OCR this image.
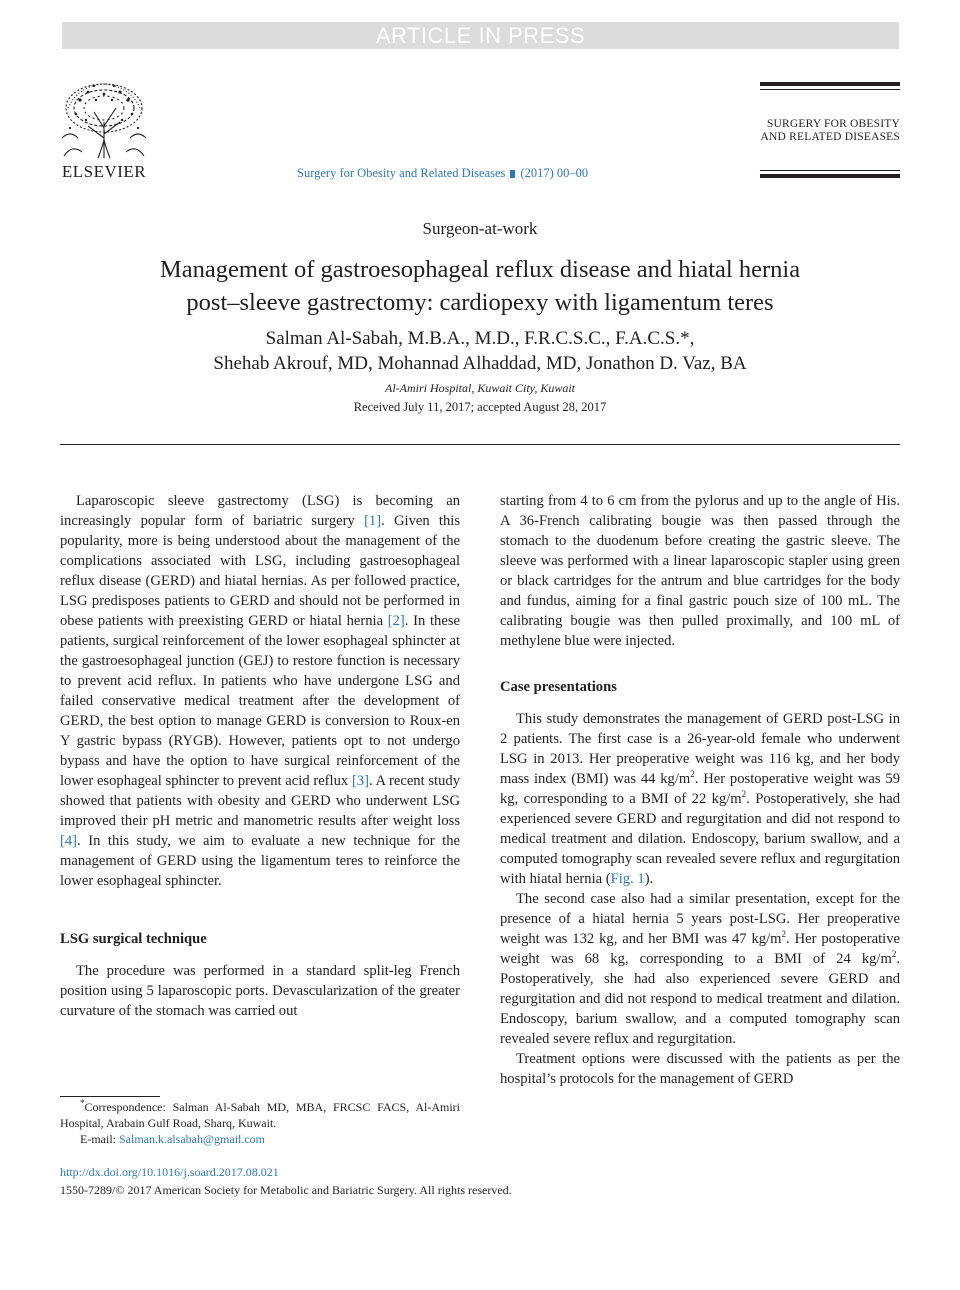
ARTICLE IN PRESS
ELSEVIER	Surgery for Obesity and Related Diseases (2017) 00–00
SURGERY FOR OBESITY
AND RELATED DISEASES
Surgeon-at-work
Management of gastroesophageal reflux disease and hiatal hernia
post–sleeve gastrectomy: cardiopexy with ligamentum teres
Salman Al-Sabah, M.B.A., M.D., F.R.C.S.C., F.A.C.S.*,
Shehab Akrouf, MD, Mohannad Alhaddad, MD, Jonathon D. Vaz, BA
Al-Amiri Hospital, Kuwait City, Kuwait
Received July 11, 2017; accepted August 28, 2017

Laparoscopic sleeve gastrectomy (LSG) is becoming an increasingly popular form of bariatric surgery [1]. Given this popularity, more is being understood about the management of the complications associated with LSG, including gastroesophageal reflux disease (GERD) and hiatal hernias. As per followed practice, LSG predisposes patients to GERD and should not be performed in obese patients with preexisting GERD or hiatal hernia [2]. In these patients, surgical reinforcement of the lower esophageal sphincter at the gastroesophageal junction (GEJ) to restore function is necessary to prevent acid reflux. In patients who have undergone LSG and failed conservative medical treatment after the development of GERD, the best option to manage GERD is conversion to Roux-en Y gastric bypass (RYGB). However, patients opt to not undergo bypass and have the option to have surgical reinforcement of the lower esophageal sphincter to prevent acid reflux [3]. A recent study showed that patients with obesity and GERD who underwent LSG improved their pH metric and manometric results after weight loss [4]. In this study, we aim to evaluate a new technique for the management of GERD using the ligamentum teres to reinforce the lower esophageal sphincter.

LSG surgical technique

The procedure was performed in a standard split-leg French position using 5 laparoscopic ports. Devascularization of the greater curvature of the stomach was carried out

starting from 4 to 6 cm from the pylorus and up to the angle of His. A 36-French calibrating bougie was then passed through the stomach to the duodenum before creating the gastric sleeve. The sleeve was performed with a linear laparoscopic stapler using green or black cartridges for the antrum and blue cartridges for the body and fundus, aiming for a final gastric pouch size of 100 mL. The calibrating bougie was then pulled proximally, and 100 mL of methylene blue were injected.

Case presentations

This study demonstrates the management of GERD post-LSG in 2 patients. The first case is a 26-year-old female who underwent LSG in 2013. Her preoperative weight was 116 kg, and her body mass index (BMI) was 44 $kg/m^2$. Her postoperative weight was 59 kg, corresponding to a BMI of 22 $kg/m^2$. Postoperatively, she had experienced severe GERD and regurgitation and did not respond to medical treatment and dilation. Endoscopy, barium swallow, and a computed tomography scan revealed severe reflux and regurgitation with hiatal hernia (Fig. 1).

The second case also had a similar presentation, except for the presence of a hiatal hernia 5 years post-LSG. Her preoperative weight was 132 kg, and her BMI was 47 $kg/m^2$. Her postoperative weight was 68 kg, corresponding to a BMI of 24 $kg/m^2$. Postoperatively, she had also experienced severe GERD and regurgitation and did not respond to medical treatment and dilation. Endoscopy, barium swallow, and a computed tomography scan revealed severe reflux and regurgitation.

Treatment options were discussed with the patients as per the hospital’s protocols for the management of GERD

*Correspondence: Salman Al-Sabah MD, MBA, FRCSC FACS, Al-Amiri Hospital, Arabain Gulf Road, Sharq, Kuwait.

E-mail: Salman.k.alsabah@gmail.com

http://dx.doi.org/10.1016/j.soard.2017.08.021
1550-7289/© 2017 American Society for Metabolic and Bariatric Surgery. All rights reserved.
